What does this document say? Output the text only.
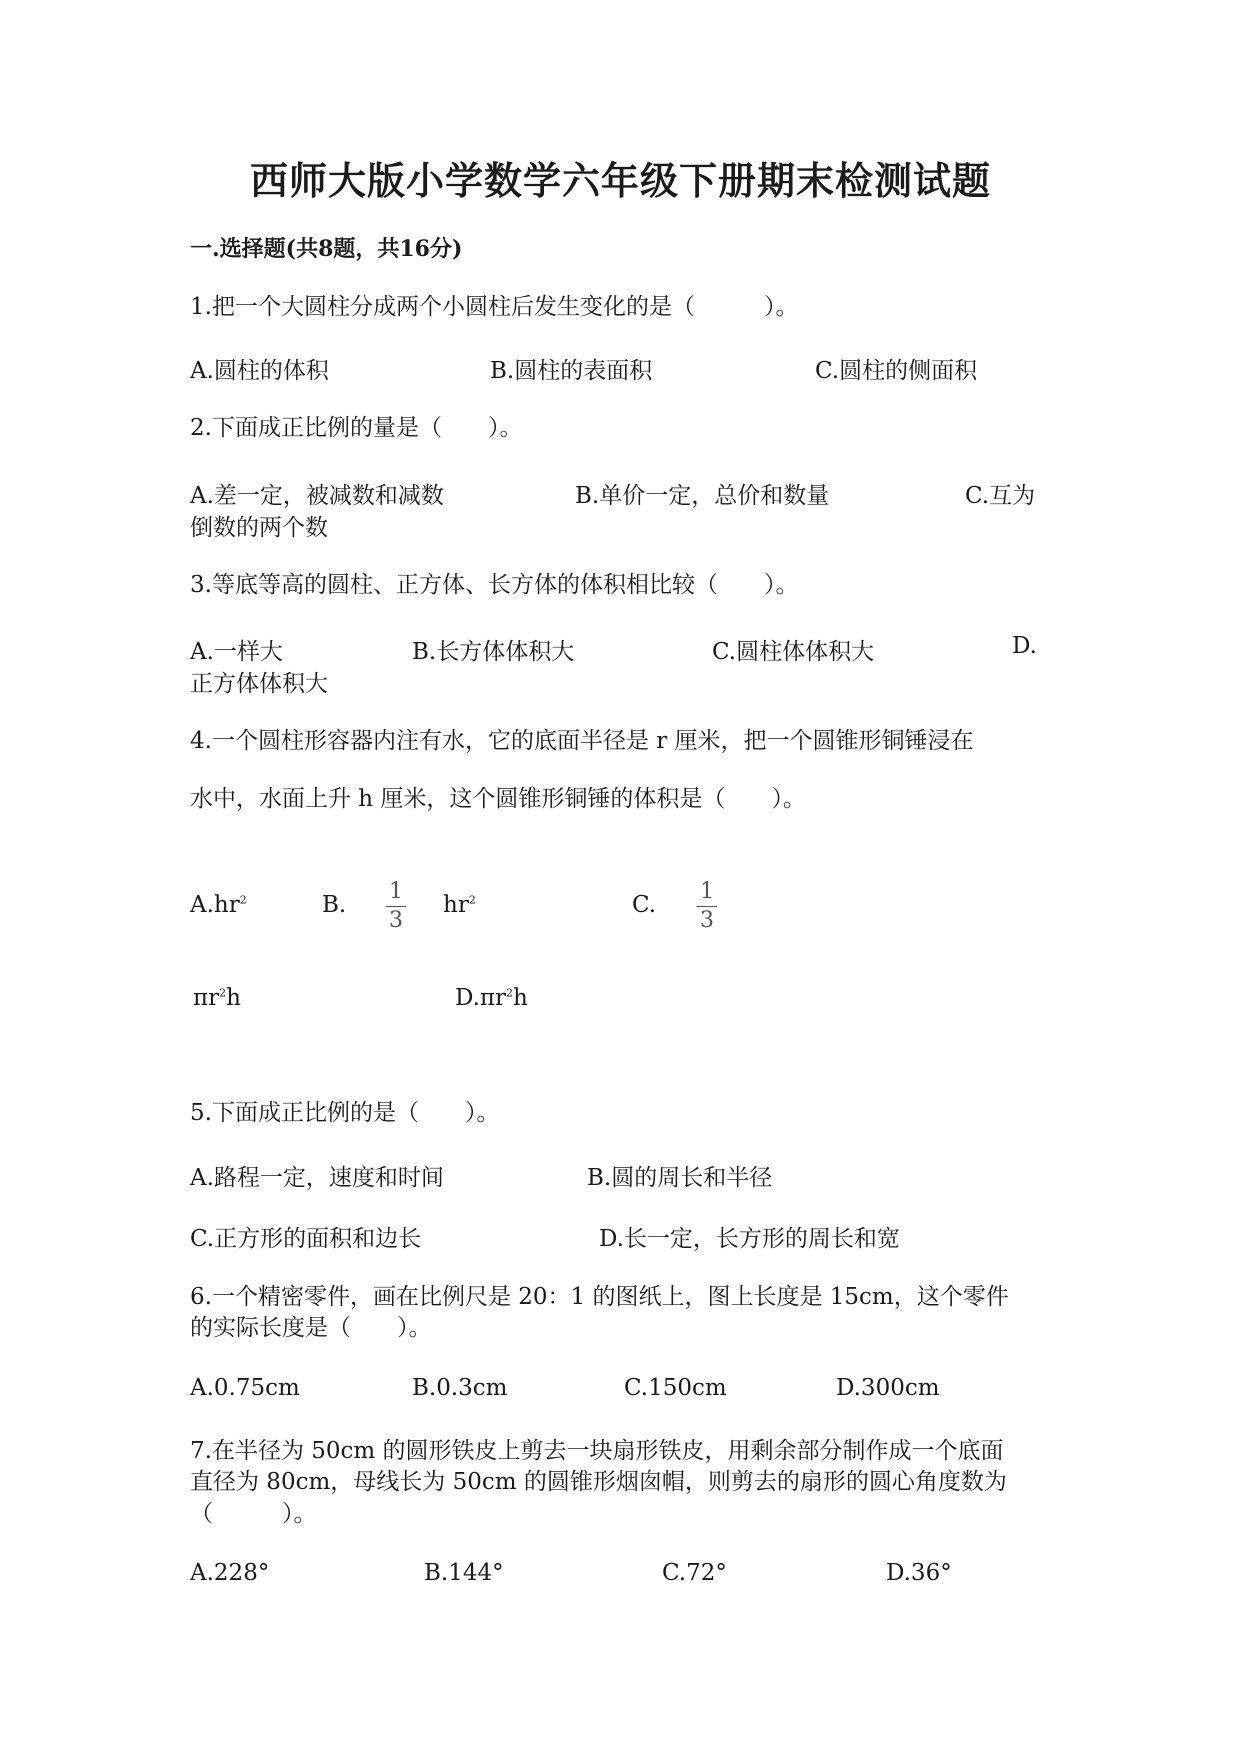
西师大版小学数学六年级下册期末检测试题
一.选择题(共8题，共16分)
1.把一个大圆柱分成两个小圆柱后发生变化的是（　　　）。
A.圆柱的体积	B.圆柱的表面积	C.圆柱的侧面积
2.下面成正比例的量是（　　）。
A.差一定，被减数和减数	B.单价一定，总价和数量	C.互为
倒数的两个数
3.等底等高的圆柱、正方体、长方体的体积相比较（　　）。
A.一样大	B.长方体体积大	C.圆柱体体积大	D.
正方体体积大
4.一个圆柱形容器内注有水，它的底面半径是 r 厘米，把一个圆锥形铜锤浸在
水中，水面上升 h 厘米，这个圆锥形铜锤的体积是（　　）。
$A.hr^2$	B. $\frac{1}{3} hr^2$	C. $\frac{1}{3}$
$\pi r^2h$	$D.\pi r^2h$
5.下面成正比例的是（　　）。
A.路程一定，速度和时间	B.圆的周长和半径
C.正方形的面积和边长	D.长一定，长方形的周长和宽
6.一个精密零件，画在比例尺是 20：1 的图纸上，图上长度是 15cm，这个零件
的实际长度是（　　）。
A.0.75cm	B.0.3cm	C.150cm	D.300cm
7.在半径为 50cm 的圆形铁皮上剪去一块扇形铁皮，用剩余部分制作成一个底面
直径为 80cm，母线长为 50cm 的圆锥形烟囱帽，则剪去的扇形的圆心角度数为
（　　　）。
A.228°	B.144°	C.72°	D.36°
